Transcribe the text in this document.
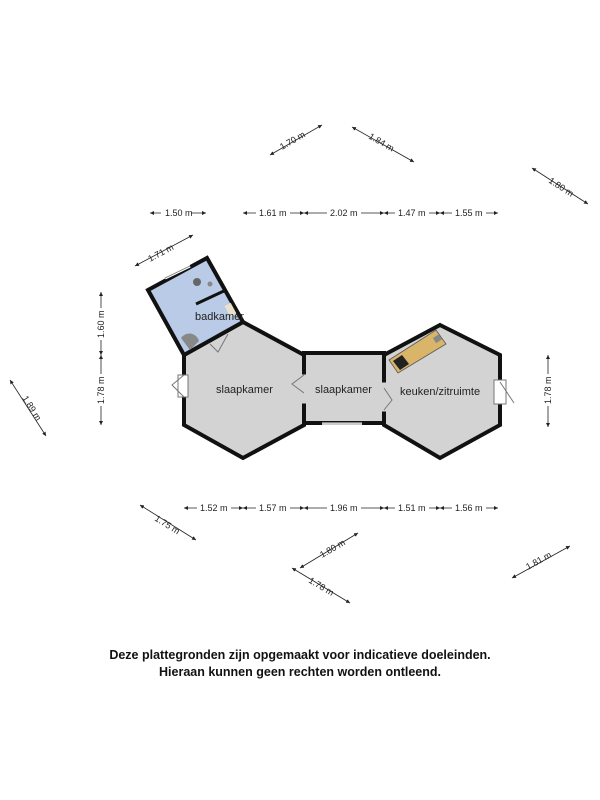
badkamer
slaapkamer	slaapkamer	keuken/zitruimte
1.50 m	1.61 m	2.02 m	1.47 m	1.55 m
1.52 m	1.57 m	1.96 m	1.51 m	1.56 m
1.60 m
1.78 m	1.78 m
1.70 m	1.84 m
1.80 m
1.71 m
1.89 m
1.75 m
1.80 m
1.78 m
1.81 m
Deze plattegronden zijn opgemaakt voor indicatieve doeleinden.
Hieraan kunnen geen rechten worden ontleend.
